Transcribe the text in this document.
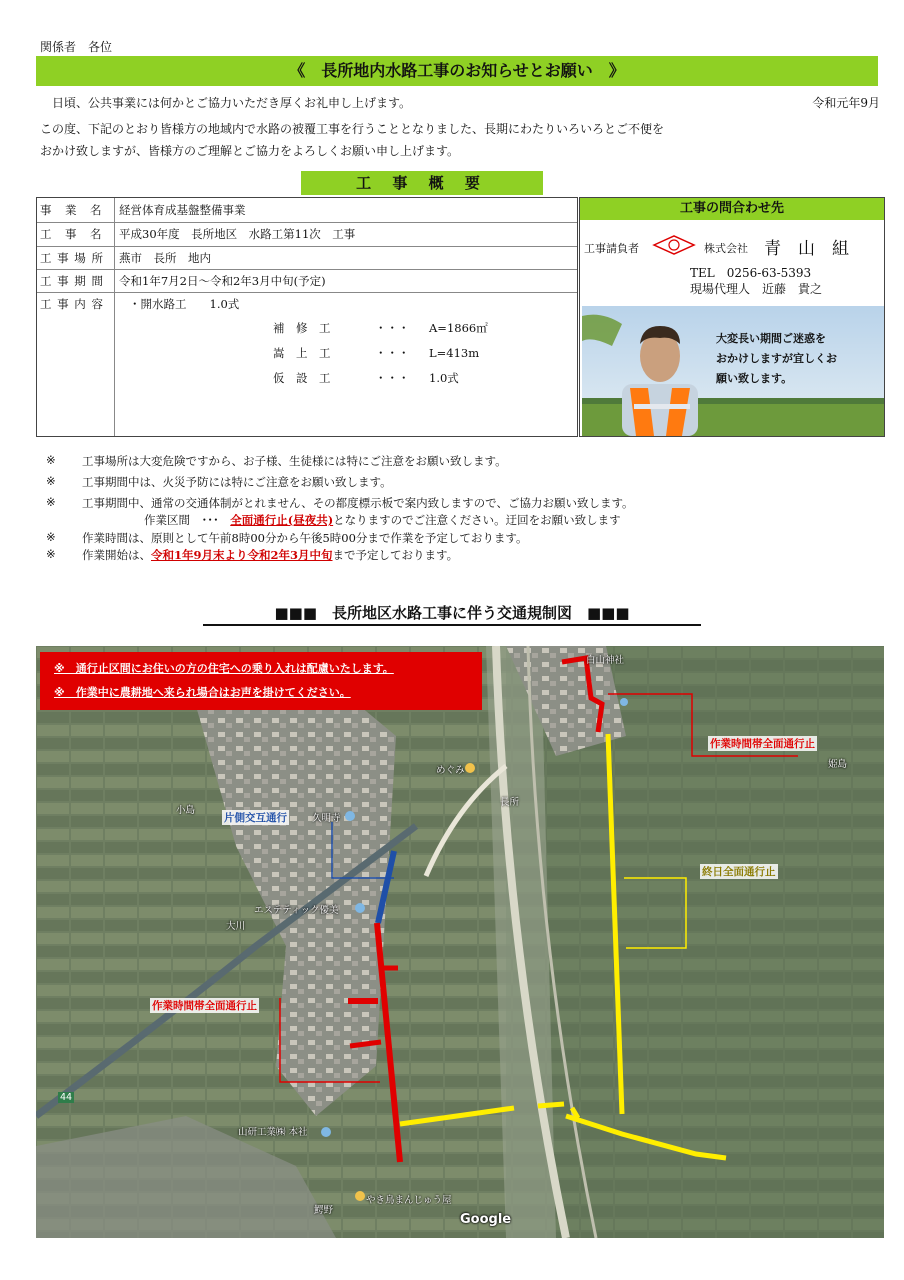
関係者　各位
《　長所地内水路工事のお知らせとお願い　》
令和元年9月
　日頃、公共事業には何かとご協力いただき厚くお礼申し上げます。
この度、下記のとおり皆様方の地域内で水路の被覆工事を行うこととなりました、長期にわたりいろいろとご不便を
おかけ致しますが、皆様方のご理解とご協力をよろしくお願い申し上げます。
工 事 概 要
事　業　名	経営体育成基盤整備事業
工　事　名	平成30年度　長所地区　水路工第11次　工事
工 事 場 所	燕市　長所　地内
工 事 期 間	令和1年7月2日～令和2年3月中旬(予定)
工 事 内 容	・開水路工　　1.0式
補　修　工	・・・ A=1866㎡
嵩　上　工	・・・ L=413m
仮　設　工	・・・ 1.0式
工事の問合わせ先
工事請負者	株式会社 青　山　組
TEL　0256-63-5393
現場代理人　近藤　貴之
大変長い期間ご迷惑を
おかけしますが宜しくお
願い致します。
※ 工事場所は大変危険ですから、お子様、生徒様には特にご注意をお願い致します。
※ 工事期間中は、火災予防には特にご注意をお願い致します。
※ 工事期間中、通常の交通体制がとれません、その都度標示板で案内致しますので、ご協力お願い致します。
作業区間　･･･　全面通行止(昼夜共)となりますのでご注意ください。迂回をお願い致します
※ 作業時間は、原則として午前8時00分から午後5時00分まで作業を予定しております。
※ 作業開始は、令和1年9月末より令和2年3月中旬まで予定しております。
■■■　長所地区水路工事に伴う交通規制図　■■■
※　通行止区間にお住いの方の住宅への乗り入れは配慮いたします。
※　作業中に農耕地へ来られ場合はお声を掛けてください。
作業時間帯全面通行止
終日全面通行止
片側交互通行
作業時間帯全面通行止
白山神社
めぐみ
長所
小島
久明寺
エステティック優美
山研工業㈱ 本社
やき鳥まんじゅう屋
鰐野
姫島
大川
44
Google
